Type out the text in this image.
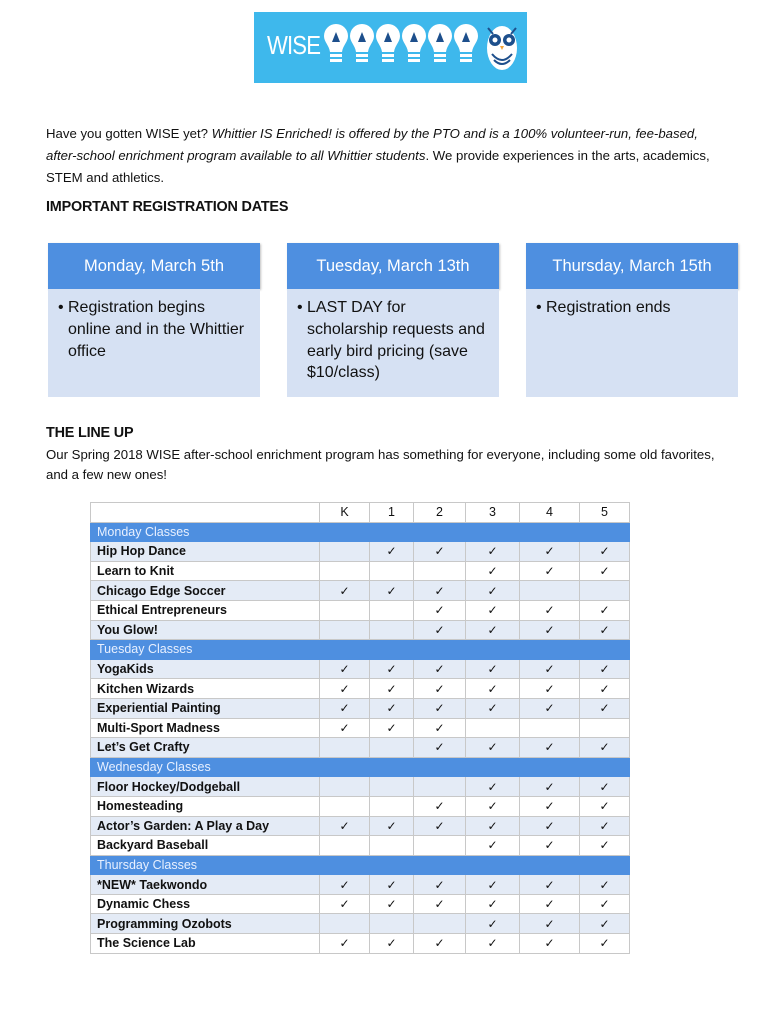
WISE
Have you gotten WISE yet? Whittier IS Enriched! is offered by the PTO and is a 100% volunteer-run, fee-based, after-school enrichment program available to all Whittier students. We provide experiences in the arts, academics, STEM and athletics.
IMPORTANT REGISTRATION DATES
Monday, March 5th
• Registration begins online and in the Whittier office
Tuesday, March 13th
• LAST DAY for scholarship requests and early bird pricing (save $10/class)
Thursday, March 15th
• Registration ends
THE LINE UP
Our Spring 2018 WISE after-school enrichment program has something for everyone, including some old favorites, and a few new ones!
	K	1	2	3	4	5
Monday Classes						
Hip Hop Dance		✓	✓	✓	✓	✓
Learn to Knit				✓	✓	✓
Chicago Edge Soccer	✓	✓	✓	✓		
Ethical Entrepreneurs			✓	✓	✓	✓
You Glow!			✓	✓	✓	✓
Tuesday Classes						
YogaKids	✓	✓	✓	✓	✓	✓
Kitchen Wizards	✓	✓	✓	✓	✓	✓
Experiential Painting	✓	✓	✓	✓	✓	✓
Multi-Sport Madness	✓	✓	✓			
Let’s Get Crafty			✓	✓	✓	✓
Wednesday Classes						
Floor Hockey/Dodgeball				✓	✓	✓
Homesteading			✓	✓	✓	✓
Actor’s Garden: A Play a Day	✓	✓	✓	✓	✓	✓
Backyard Baseball				✓	✓	✓
Thursday Classes						
*NEW* Taekwondo	✓	✓	✓	✓	✓	✓
Dynamic Chess	✓	✓	✓	✓	✓	✓
Programming Ozobots				✓	✓	✓
The Science Lab	✓	✓	✓	✓	✓	✓
